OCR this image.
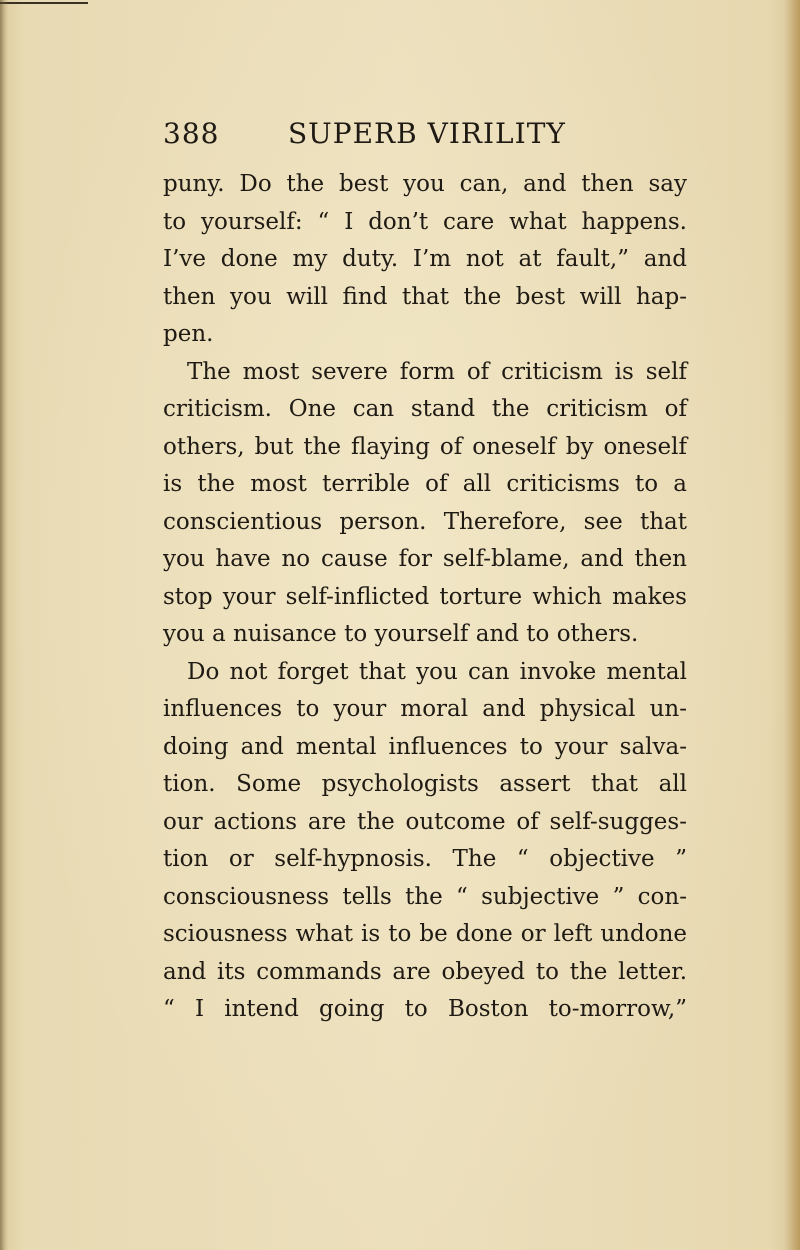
388	SUPERB VIRILITY
puny. Do the best you can, and then say
to yourself: “ I don’t care what happens.
I’ve done my duty. I’m not at fault,” and
then you will find that the best will hap-
pen.
The most severe form of criticism is self
criticism. One can stand the criticism of
others, but the flaying of oneself by oneself
is the most terrible of all criticisms to a
conscientious person. Therefore, see that
you have no cause for self-blame, and then
stop your self-inflicted torture which makes
you a nuisance to yourself and to others.
Do not forget that you can invoke mental
influences to your moral and physical un-
doing and mental influences to your salva-
tion. Some psychologists assert that all
our actions are the outcome of self-sugges-
tion or self-hypnosis. The “ objective ”
consciousness tells the “ subjective ” con-
sciousness what is to be done or left undone
and its commands are obeyed to the letter.
“ I intend going to Boston to-morrow,”
